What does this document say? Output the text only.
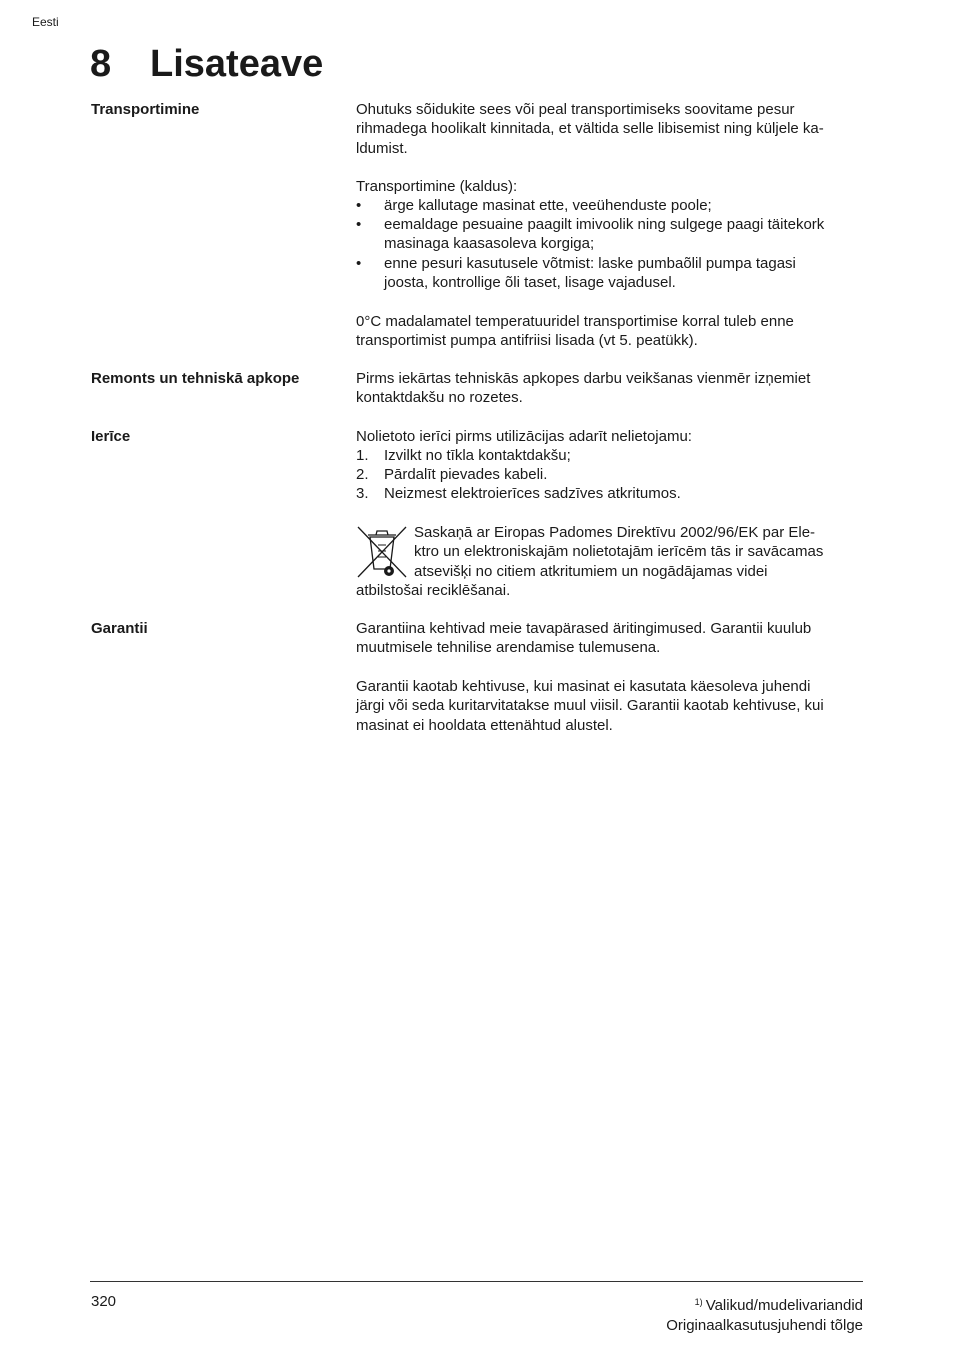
Eesti
8 Lisateave
Transportimine	Ohutuks sõidukite sees või peal transportimiseks soovitame pesur
rihmadega hoolikalt kinnitada, et vältida selle libisemist ning küljele ka-
ldumist.

Transportimine (kaldus):

• ärge kallutage masinat ette, veeühenduste poole;
• eemaldage pesuaine paagilt imivoolik ning sulgege paagi täitekork
masinaga kaasasoleva korgiga;
• enne pesuri kasutusele võtmist: laske pumbaõlil pumpa tagasi
joosta, kontrollige õli taset, lisage vajadusel.

0°C madalamatel temperatuuridel transportimise korral tuleb enne
transportimist pumpa antifriisi lisada (vt 5. peatükk).

Remonts un tehniskā apkope	Pirms iekārtas tehniskās apkopes darbu veikšanas vienmēr izņemiet
kontaktdakšu no rozetes.

Ierīce	Nolietoto ierīci pirms utilizācijas adarīt nelietojamu:

1. Izvilkt no tīkla kontaktdakšu;
2. Pārdalīt pievades kabeli.
3. Neizmest elektroierīces sadzīves atkritumos.
Saskaņā ar Eiropas Padomes Direktīvu 2002/96/EK par Ele-
ktro un elektroniskajām nolietotajām ierīcēm tās ir savācamas
atsevišķi no citiem atkritumiem un nogādājamas videi
atbilstošai reciklēšanai.
Garantii	Garantiina kehtivad meie tavapärased äritingimused. Garantii kuulub
muutmisele tehnilise arendamise tulemusena.

Garantii kaotab kehtivuse, kui masinat ei kasutata käesoleva juhendi
järgi või seda kuritarvitatakse muul viisil. Garantii kaotab kehtivuse, kui
masinat ei hooldata ettenähtud alustel.

320	$^{1)}$ Valikud/mudelivariandid
Originaalkasutusjuhendi tõlge
